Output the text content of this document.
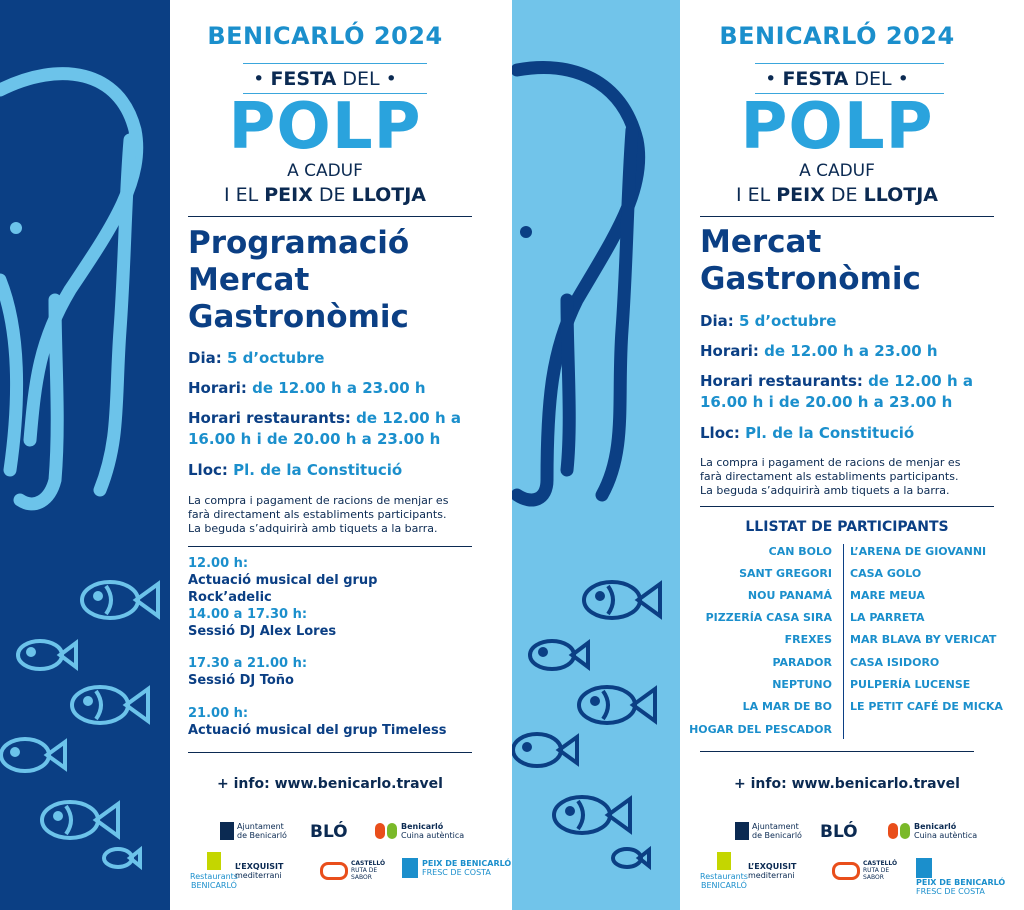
BENICARLÓ 2024
• FESTA DEL •
POLP
A CADUF
I EL PEIX DE LLOTJA
Programació
Mercat
Gastronòmic
Dia: 5 d’octubre
Horari: de 12.00 h a 23.00 h
Horari restaurants: de 12.00 h a
16.00 h i de 20.00 h a 23.00 h
Lloc: Pl. de la Constitució
La compra i pagament de racions de menjar es
farà directament als establiments participants.
La beguda s’adquirirà amb tiquets a la barra.
12.00 h:
Actuació musical del grup Rock’adelic
14.00 a 17.30 h:
Sessió DJ Alex Lores
17.30 a 21.00 h:
Sessió DJ Toño
21.00 h:
Actuació musical del grup Timeless
+ info: www.benicarlo.travel
Ajuntament
de Benicarló BLÓ	Benicarló
Cuina autèntica
Restaurants
BENICARLÓ
L’EXQUISIT
mediterrani
CASTELLÓ
RUTA DE
SABOR
PEIX DE BENICARLÓ
FRESC DE COSTA
BENICARLÓ 2024
• FESTA DEL •
POLP
A CADUF
I EL PEIX DE LLOTJA
Mercat
Gastronòmic
Dia: 5 d’octubre
Horari: de 12.00 h a 23.00 h
Horari restaurants: de 12.00 h a
16.00 h i de 20.00 h a 23.00 h
Lloc: Pl. de la Constitució
La compra i pagament de racions de menjar es
farà directament als establiments participants.
La beguda s’adquirirà amb tiquets a la barra.
LLISTAT DE PARTICIPANTS
CAN BOLO
SANT GREGORI
NOU PANAMÁ
PIZZERÍA CASA SIRA
FREXES
PARADOR
NEPTUNO
LA MAR DE BO
HOGAR DEL PESCADOR
L’ARENA DE GIOVANNI
CASA GOLO
MARE MEUA
LA PARRETA
MAR BLAVA BY VERICAT
CASA ISIDORO
PULPERÍA LUCENSE
LE PETIT CAFÉ DE MICKA
+ info: www.benicarlo.travel
Ajuntament
de Benicarló BLÓ	Benicarló
Cuina autèntica
Restaurants
BENICARLÓ
L’EXQUISIT
mediterrani
CASTELLÓ
RUTA DE
SABOR
PEIX DE BENICARLÓ
FRESC DE COSTA
